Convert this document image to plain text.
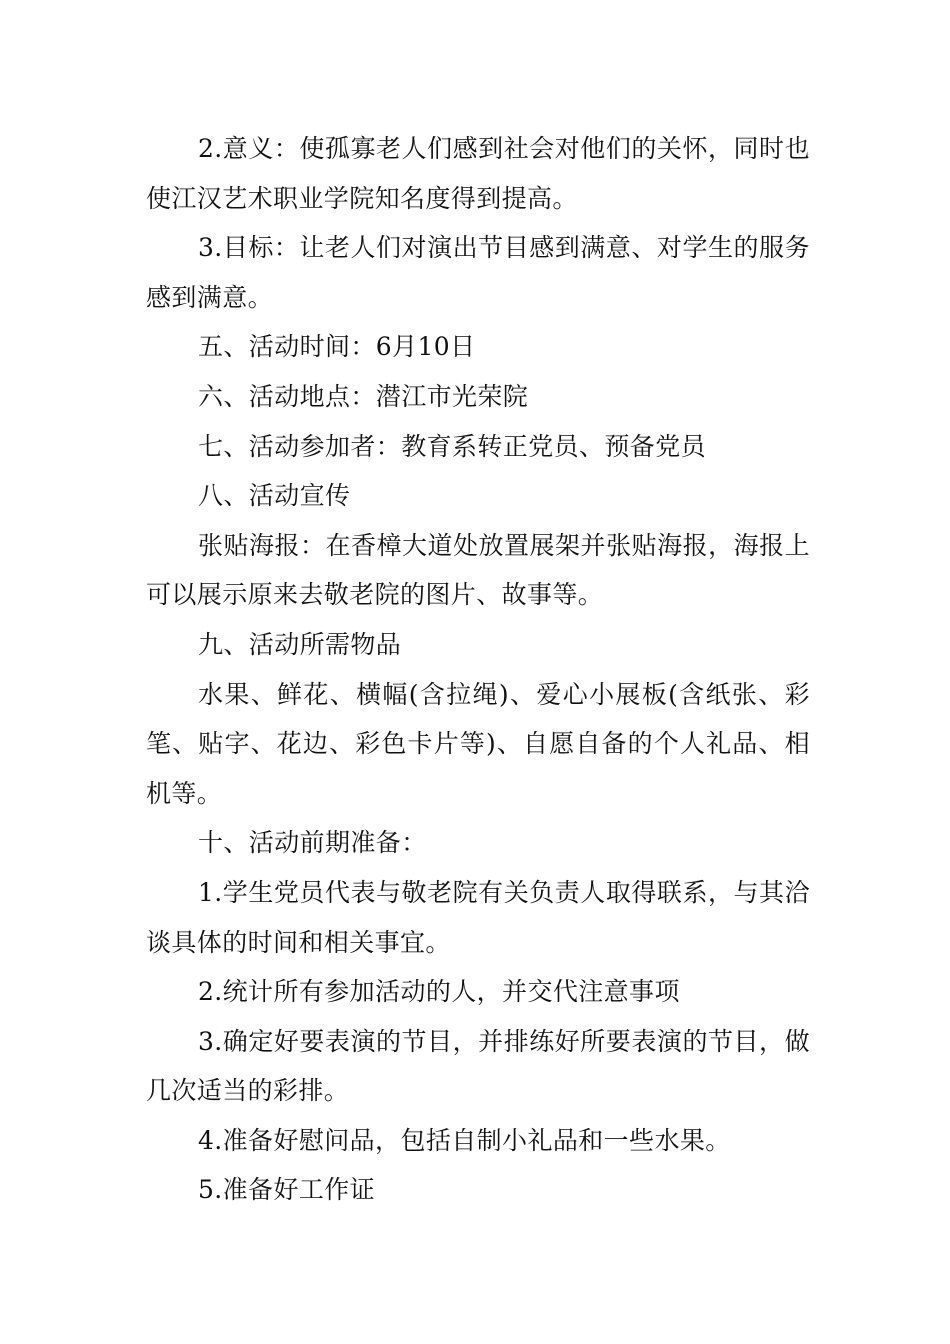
2.意义：使孤寡老人们感到社会对他们的关怀，同时也使江汉艺术职业学院知名度得到提高。

3.目标：让老人们对演出节目感到满意、对学生的服务感到满意。

五、活动时间：6月10日

六、活动地点：潜江市光荣院

七、活动参加者：教育系转正党员、预备党员

八、活动宣传

张贴海报：在香樟大道处放置展架并张贴海报，海报上可以展示原来去敬老院的图片、故事等。

九、活动所需物品

水果、鲜花、横幅(含拉绳)、爱心小展板(含纸张、彩笔、贴字、花边、彩色卡片等)、自愿自备的个人礼品、相机等。

十、活动前期准备：

1.学生党员代表与敬老院有关负责人取得联系，与其洽谈具体的时间和相关事宜。

2.统计所有参加活动的人，并交代注意事项

3.确定好要表演的节目，并排练好所要表演的节目，做几次适当的彩排。

4.准备好慰问品，包括自制小礼品和一些水果。

5.准备好工作证
